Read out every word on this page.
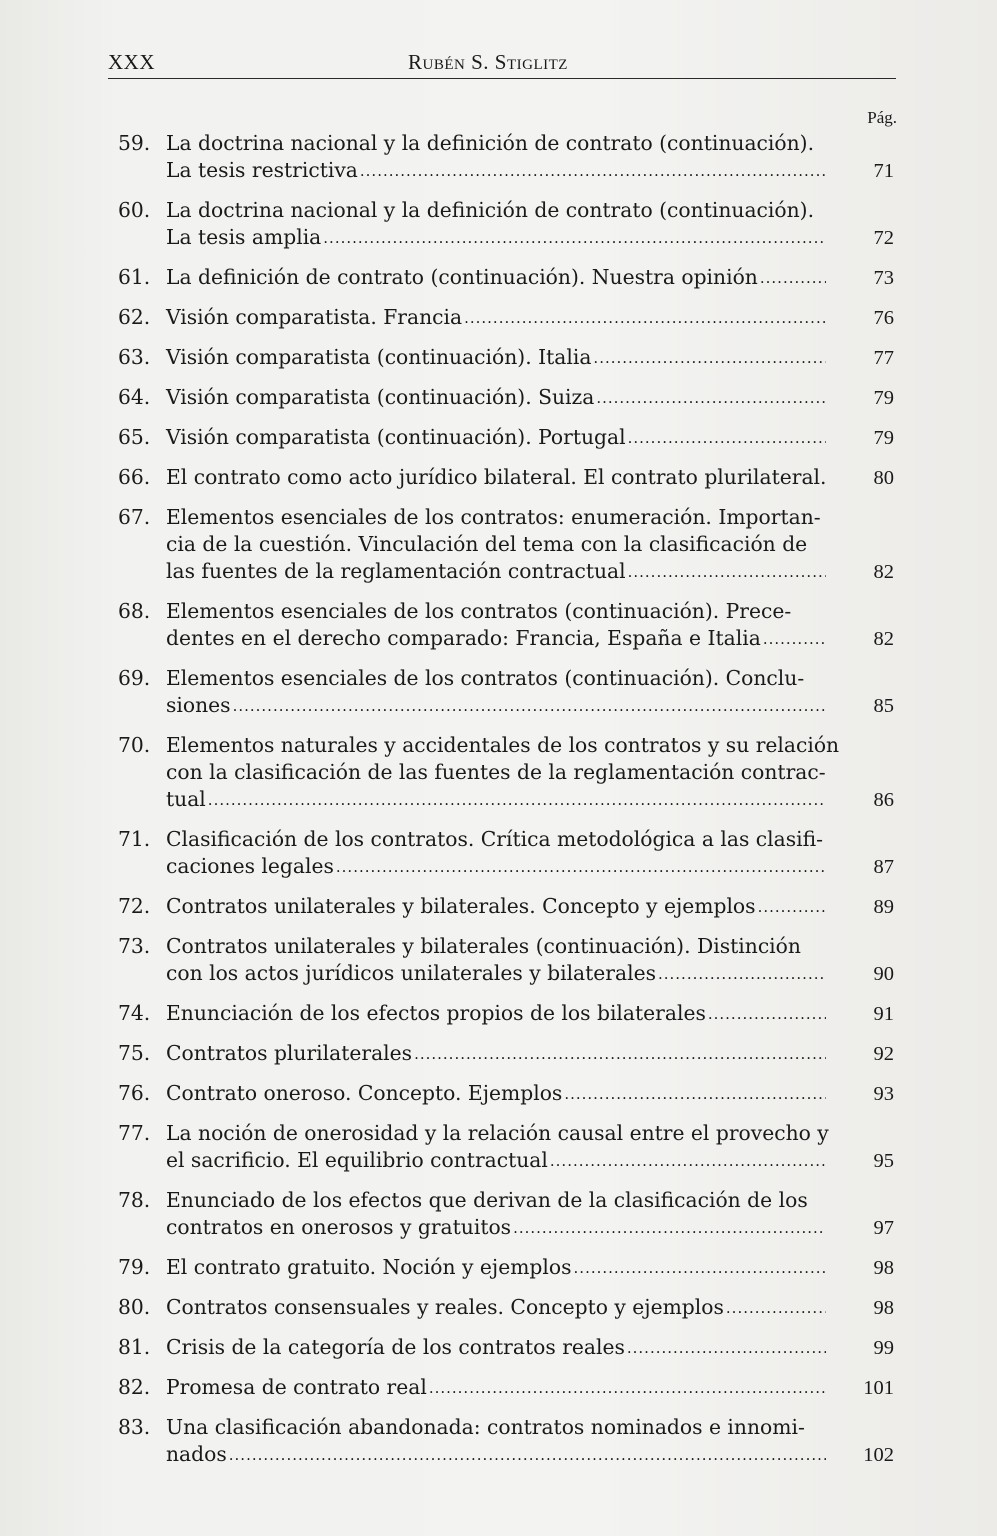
XXX	Rubén S. Stiglitz
Pág.
59. La doctrina nacional y la definición de contrato (continuación).
La tesis restrictiva .....	71
60. La doctrina nacional y la definición de contrato (continuación).
La tesis amplia .....	72
61. La definición de contrato (continuación). Nuestra opinión .....	73
62. Visión comparatista. Francia .....	76
63. Visión comparatista (continuación). Italia .....	77
64. Visión comparatista (continuación). Suiza .....	79
65. Visión comparatista (continuación). Portugal .....	79
66. El contrato como acto jurídico bilateral. El contrato plurilateral. 80
67. Elementos esenciales de los contratos: enumeración. Importan-
cia de la cuestión. Vinculación del tema con la clasificación de
las fuentes de la reglamentación contractual .....	82
68. Elementos esenciales de los contratos (continuación). Prece-
dentes en el derecho comparado: Francia, España e Italia .....	82
69. Elementos esenciales de los contratos (continuación). Conclu-
siones .....	85
70. Elementos naturales y accidentales de los contratos y su relación
con la clasificación de las fuentes de la reglamentación contrac-
tual .....	86
71. Clasificación de los contratos. Crítica metodológica a las clasifi-
caciones legales .....	87
72. Contratos unilaterales y bilaterales. Concepto y ejemplos .....	89
73. Contratos unilaterales y bilaterales (continuación). Distinción
con los actos jurídicos unilaterales y bilaterales .....	90
74. Enunciación de los efectos propios de los bilaterales .....	91
75. Contratos plurilaterales .....	92
76. Contrato oneroso. Concepto. Ejemplos .....	93
77. La noción de onerosidad y la relación causal entre el provecho y
el sacrificio. El equilibrio contractual .....	95
78. Enunciado de los efectos que derivan de la clasificación de los
contratos en onerosos y gratuitos .....	97
79. El contrato gratuito. Noción y ejemplos .....	98
80. Contratos consensuales y reales. Concepto y ejemplos .....	98
81. Crisis de la categoría de los contratos reales .....	99
82. Promesa de contrato real .....	101
83. Una clasificación abandonada: contratos nominados e innomi-
nados .....	102
